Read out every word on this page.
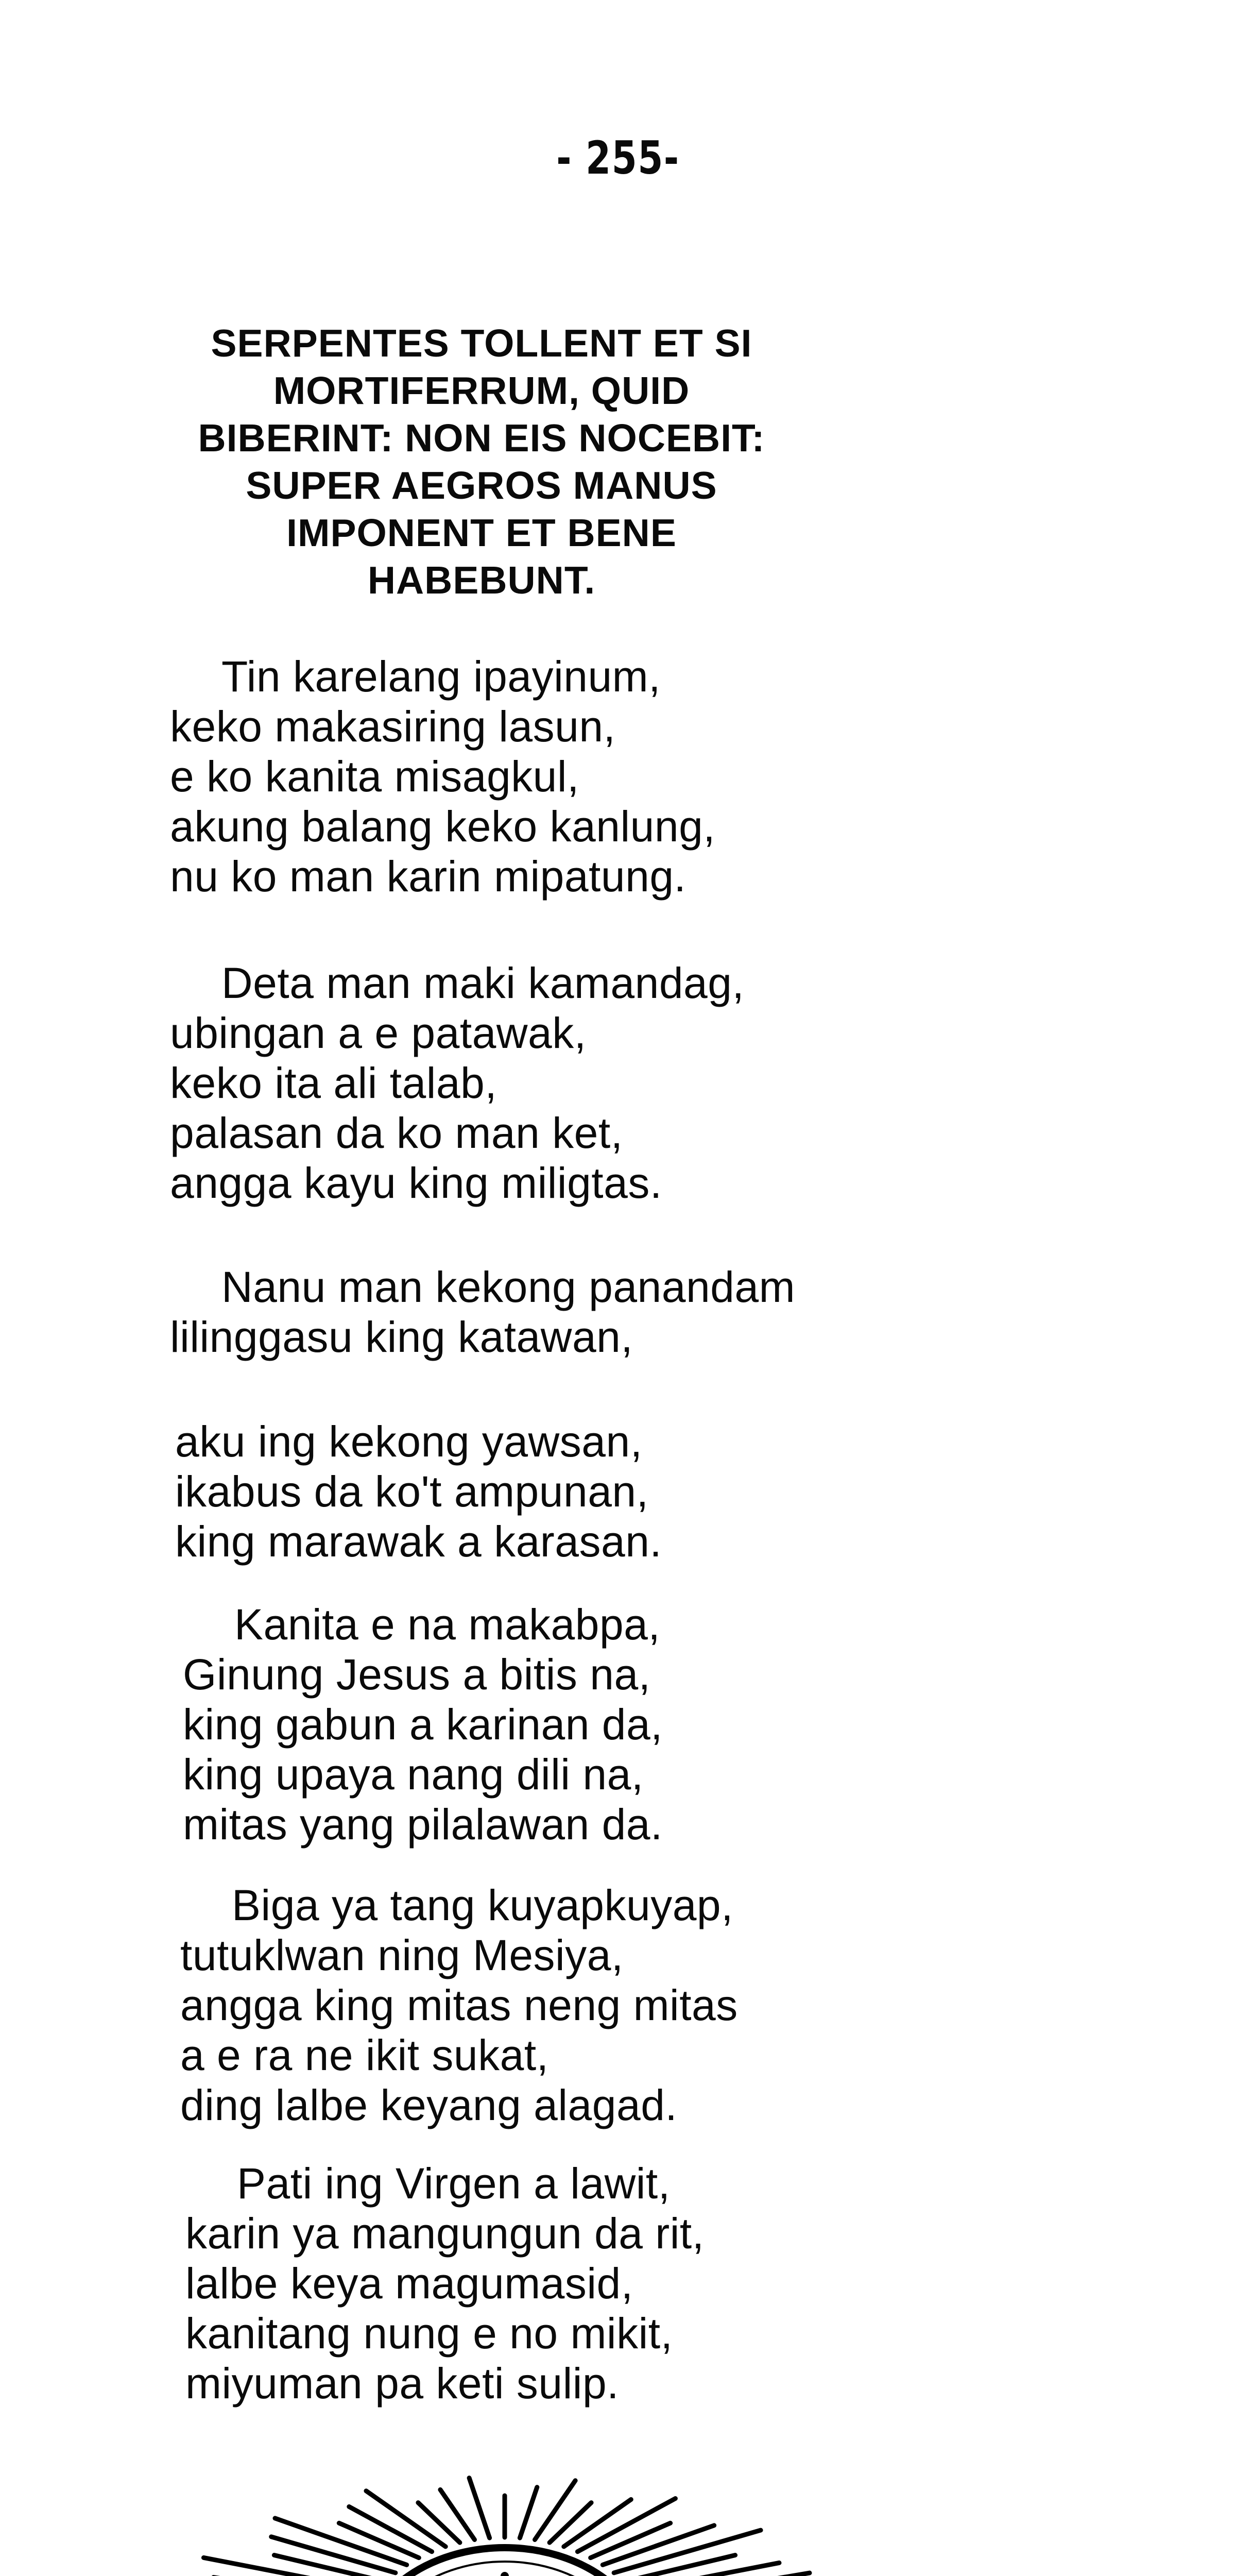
- 255-
SERPENTES TOLLENT ET SI
MORTIFERRUM, QUID
BIBERINT: NON EIS NOCEBIT:
SUPER AEGROS MANUS
IMPONENT ET BENE
HABEBUNT.
Tin karelang ipayinum,
keko makasiring lasun,
e ko kanita misagkul,
akung balang keko kanlung,
nu ko man karin mipatung.
Deta man maki kamandag,
ubingan a e patawak,
keko ita ali talab,
palasan da ko man ket,
angga kayu king miligtas.
Nanu man kekong panandam
lilinggasu king katawan,
aku ing kekong yawsan,
ikabus da ko't ampunan,
king marawak a karasan.
Kanita e na makabpa,
Ginung Jesus a bitis na,
king gabun a karinan da,
king upaya nang dili na,
mitas yang pilalawan da.
Biga ya tang kuyapkuyap,
tutuklwan ning Mesiya,
angga king mitas neng mitas
a e ra ne ikit sukat,
ding lalbe keyang alagad.
Pati ing Virgen a lawit,
karin ya mangungun da rit,
lalbe keya magumasid,
kanitang nung e no mikit,
miyuman pa keti sulip.
